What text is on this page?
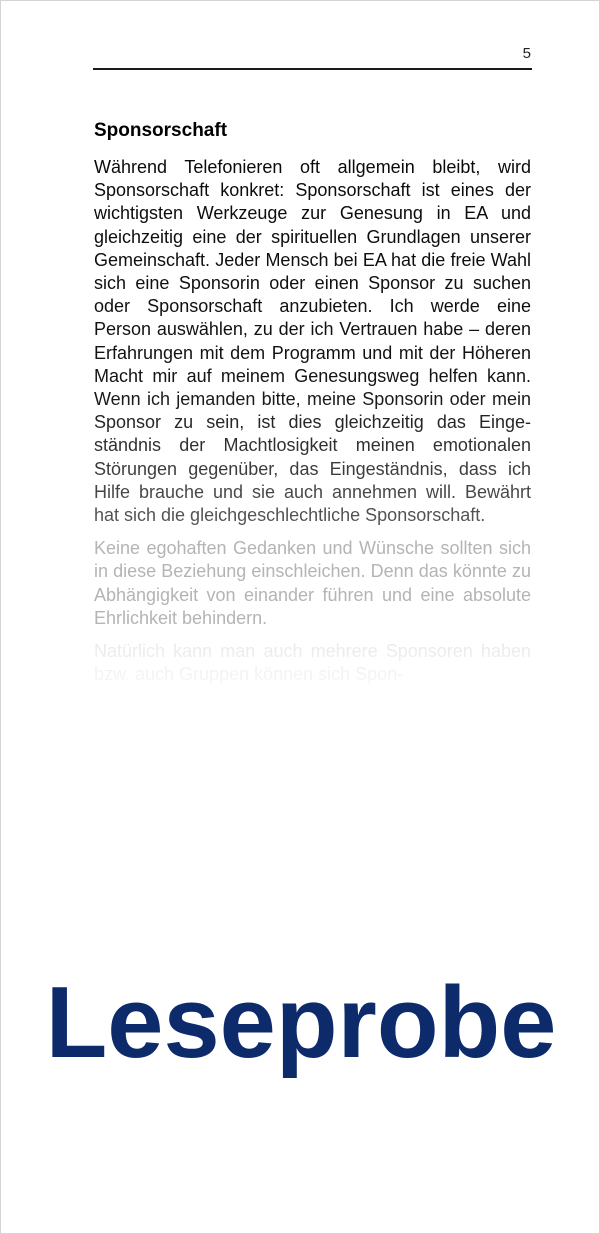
5
Sponsorschaft

Während Telefonieren oft allgemein bleibt, wird Sponsorschaft konkret: Sponsorschaft ist eines der wichtigsten Werkzeuge zur Genesung in EA und gleichzeitig eine der spirituellen Grundlagen unserer Gemeinschaft. Jeder Mensch bei EA hat die freie Wahl sich eine Sponsorin oder einen Sponsor zu suchen oder Sponsorschaft anzubieten. Ich werde eine Person auswählen, zu der ich Vertrauen habe – deren Erfahrungen mit dem Programm und mit der Höheren Macht mir auf meinem Genesungsweg helfen kann. Wenn ich jemanden bitte, meine Sponsorin oder mein Sponsor zu sein, ist dies gleichzeitig das Eingeständnis der Machtlosigkeit meinen emotionalen Störungen gegenüber, das Eingeständnis, dass ich Hilfe brauche und sie auch annehmen will. Bewährt hat sich die gleichgeschlechtliche Sponsorschaft.

Keine egohaften Gedanken und Wünsche sollten sich in diese Beziehung einschleichen. Denn das könnte zu Abhängigkeit von einander führen und eine absolute Ehrlichkeit behindern.

Natürlich kann man auch mehrere Sponsoren haben bzw. auch Gruppen können sich Spon-

Leseprobe
